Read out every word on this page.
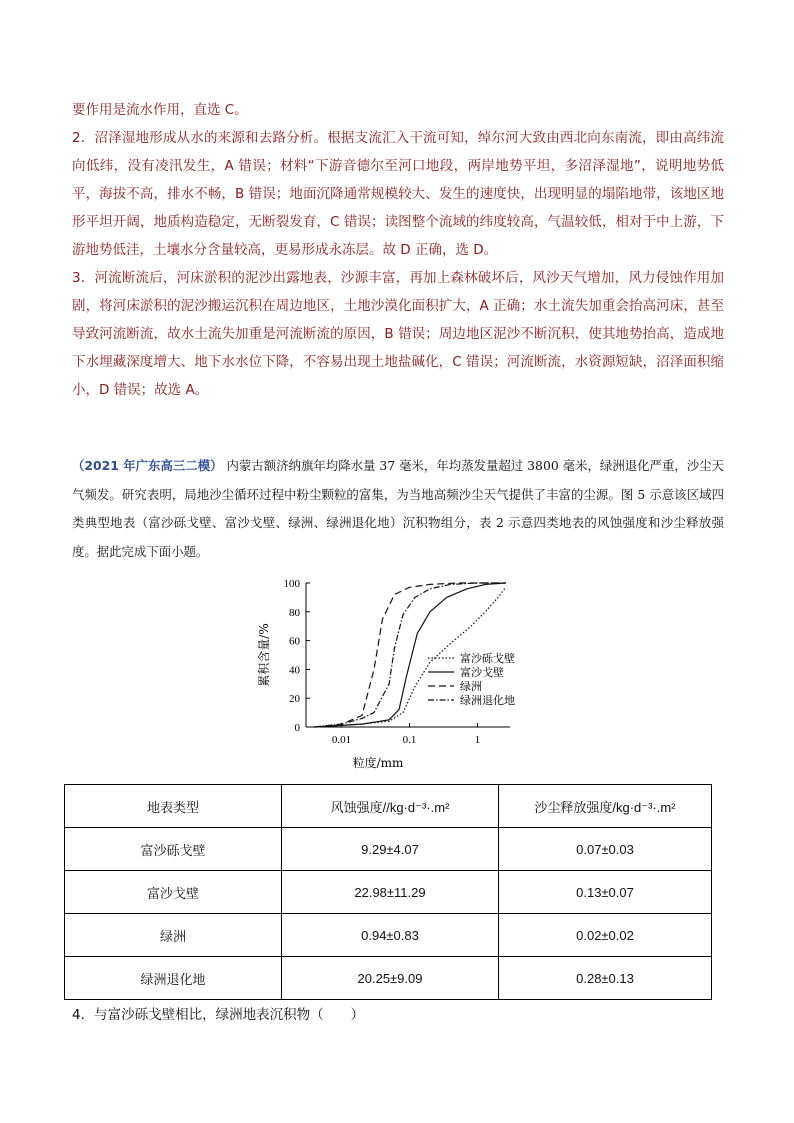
要作用是流水作用，直选 C。

2．沼泽湿地形成从水的来源和去路分析。根据支流汇入干流可知，绰尔河大致由西北向东南流，即由高纬流向低纬，没有凌汛发生，A 错误；材料“下游音德尔至河口地段，两岸地势平坦，多沼泽湿地”，说明地势低平，海拔不高，排水不畅，B 错误；地面沉降通常规模较大、发生的速度快，出现明显的塌陷地带，该地区地形平坦开阔，地质构造稳定，无断裂发育，C 错误；读图整个流域的纬度较高，气温较低，相对于中上游，下游地势低洼，土壤水分含量较高，更易形成永冻层。故 D 正确，选 D。

3．河流断流后，河床淤积的泥沙出露地表，沙源丰富，再加上森林破坏后，风沙天气增加，风力侵蚀作用加剧，将河床淤积的泥沙搬运沉积在周边地区，土地沙漠化面积扩大，A 正确；水土流失加重会抬高河床，甚至导致河流断流，故水土流失加重是河流断流的原因，B 错误；周边地区泥沙不断沉积，使其地势抬高，造成地下水埋藏深度增大、地下水水位下降，不容易出现土地盐碱化，C 错误；河流断流，水资源短缺，沼泽面积缩小，D 错误；故选 A。

（2021 年广东高三二模） 内蒙古额济纳旗年均降水量 37 毫米，年均蒸发量超过 3800 毫米，绿洲退化严重，沙尘天气频发。研究表明，局地沙尘循环过程中粉尘颗粒的富集，为当地高频沙尘天气提供了丰富的尘源。图 5 示意该区域四类典型地表（富沙砾戈壁、富沙戈壁、绿洲、绿洲退化地）沉积物组分，表 2 示意四类地表的风蚀强度和沙尘释放强度。据此完成下面小题。
0
20
40
60
80
100
0.01	0.1	1
粒度/mm
累积含量/%	富沙砾戈壁
富沙戈壁
绿洲
绿洲退化地
地表类型	风蚀强度//kg·d⁻³·.m²	沙尘释放强度/kg·d⁻³·.m²
富沙砾戈壁	9.29±4.07	0.07±0.03
富沙戈壁	22.98±11.29	0.13±0.07
绿洲	0.94±0.83	0.02±0.02
绿洲退化地	20.25±9.09	0.28±0.13
4．与富沙砾戈壁相比，绿洲地表沉积物（　　）
